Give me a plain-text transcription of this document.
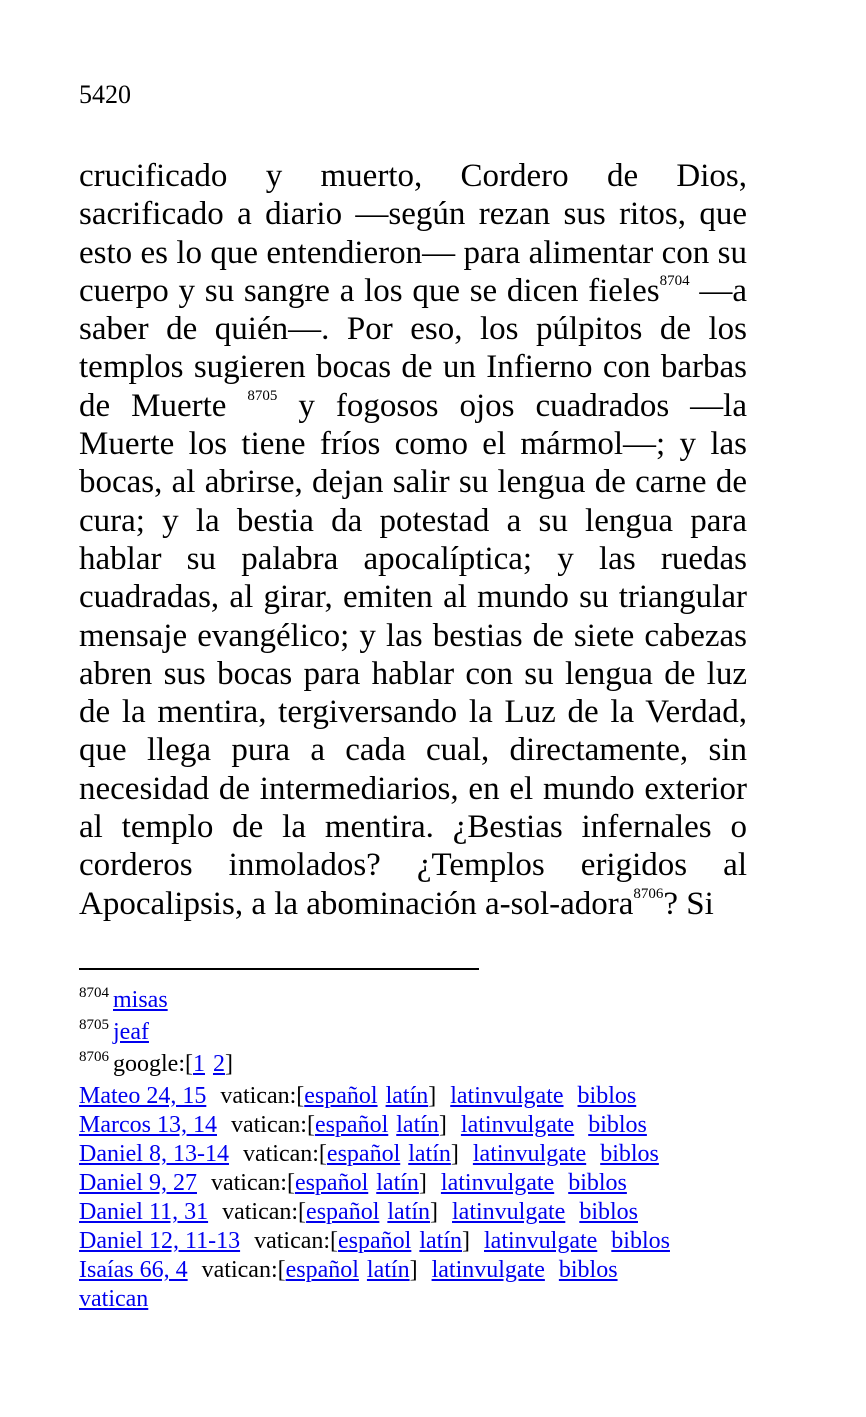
5420
crucificado y muerto, Cordero de Dios, sacrificado a diario —según rezan sus ritos, que esto es lo que entendieron— para alimentar con su cuerpo y su sangre a los que se dicen fieles$^{8704}$ —a saber de quién—. Por eso, los púlpitos de los templos sugieren bocas de un Infierno con barbas de Muerte $^{8705}$ y fogosos ojos cuadrados —la Muerte los tiene fríos como el mármol—; y las bocas, al abrirse, dejan salir su lengua de carne de cura; y la bestia da potestad a su lengua para hablar su palabra apocalíptica; y las ruedas cuadradas, al girar, emiten al mundo su triangular mensaje evangélico; y las bestias de siete cabezas abren sus bocas para hablar con su lengua de luz de la mentira, tergiversando la Luz de la Verdad, que llega pura a cada cual, directamente, sin necesidad de intermediarios, en el mundo exterior al templo de la mentira. ¿Bestias infernales o corderos inmolados? ¿Templos erigidos al Apocalipsis, a la abominación a-sol-adora$^{8706}$? Si
$^{8704}$ misas
$^{8705}$ jeaf
$^{8706}$ google:[1 2]
Mateo 24, 15 vatican:[español latín] latinvulgate biblos
Marcos 13, 14 vatican:[español latín] latinvulgate biblos
Daniel 8, 13-14 vatican:[español latín] latinvulgate biblos
Daniel 9, 27 vatican:[español latín] latinvulgate biblos
Daniel 11, 31 vatican:[español latín] latinvulgate biblos
Daniel 12, 11-13 vatican:[español latín] latinvulgate biblos
Isaías 66, 4 vatican:[español latín] latinvulgate biblos
vatican
